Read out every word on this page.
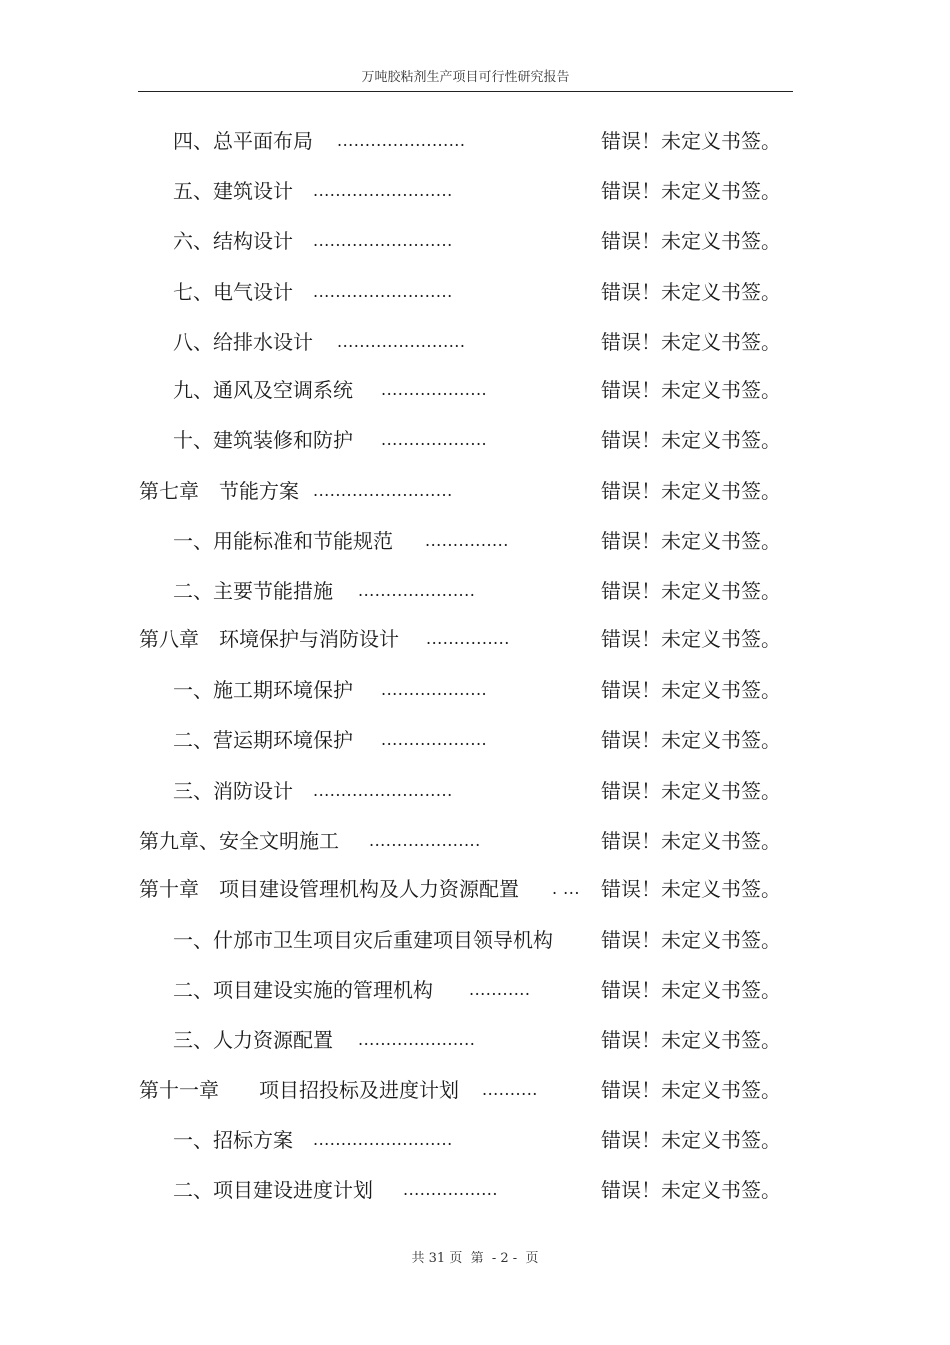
万吨胶粘剂生产项目可行性研究报告
四、总平面布局 .......................	错误！未定义书签。
五、建筑设计 .........................	错误！未定义书签。
六、结构设计 .........................	错误！未定义书签。
七、电气设计 .........................	错误！未定义书签。
八、给排水设计 .......................	错误！未定义书签。
九、通风及空调系统 ...................	错误！未定义书签。
十、建筑装修和防护 ...................	错误！未定义书签。
第七章　节能方案 .........................	错误！未定义书签。
一、用能标准和节能规范 ...............	错误！未定义书签。
二、主要节能措施 .....................	错误！未定义书签。
第八章　环境保护与消防设计 ...............	错误！未定义书签。
一、施工期环境保护 ...................	错误！未定义书签。
二、营运期环境保护 ...................	错误！未定义书签。
三、消防设计 .........................	错误！未定义书签。
第九章、安全文明施工 ....................	错误！未定义书签。
第十章　项目建设管理机构及人力资源配置 . ... 错误！未定义书签。
一、什邡市卫生项目灾后重建项目领导机构 错误！未定义书签。
二、项目建设实施的管理机构 ...........	错误！未定义书签。
三、人力资源配置 .....................	错误！未定义书签。
第十一章　　项目招投标及进度计划 ..........	错误！未定义书签。
一、招标方案 .........................	错误！未定义书签。
二、项目建设进度计划 .................	错误！未定义书签。
共 31 页  第  - 2 -  页
